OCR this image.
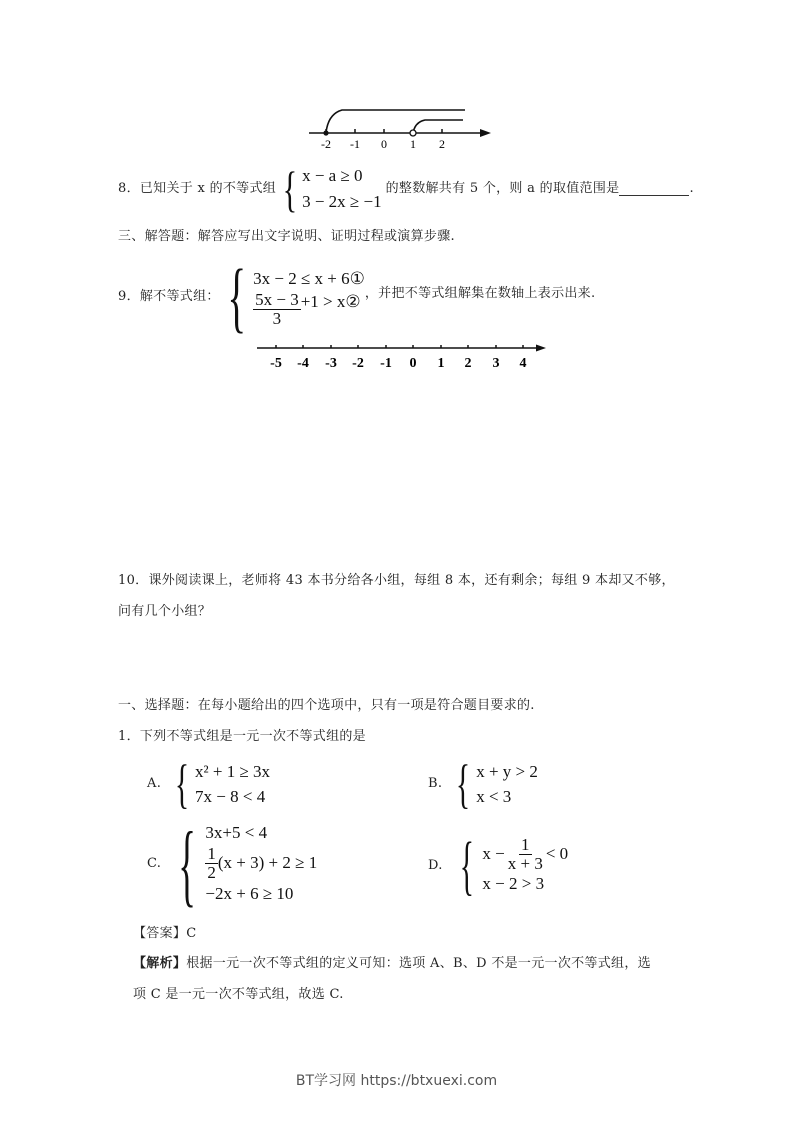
-2 -1 0 1 2
8．已知关于 x 的不等式组 { x − a ≥ 0
3 − 2x ≥ −1
的整数解共有 5 个，则 a 的取值范围是	.
三、解答题：解答应写出文字说明、证明过程或演算步骤.
9．解不等式组： { 3x − 2 ≤ x + 6①
$\frac{5x - 3}{3} +1$ > x② ，并把不等式组解集在数轴上表示出来.
-5 -4 -3 -2 -1 0 1 2 3 4
10．课外阅读课上，老师将 43 本书分给各小组，每组 8 本，还有剩余；每组 9 本却又不够，
问有几个小组？
一、选择题：在每小题给出的四个选项中，只有一项是符合题目要求的.
1．下列不等式组是一元一次不等式组的是
A. { x² + 1 ≥ 3x
7x − 8 < 4
B. { x + y > 2
x < 3
C. { 3x+5 < 4
$\frac{1}{2} (x + 3) + 2 \ge 1$
−2x + 6 ≥ 10
D. { $x - \frac{1}{x + 3} < 0$
x − 2 > 3
【答案】C
【解析】根据一元一次不等式组的定义可知：选项 A、B、D 不是一元一次不等式组，选
项 C 是一元一次不等式组，故选 C.
BT学习网 https://btxuexi.com
